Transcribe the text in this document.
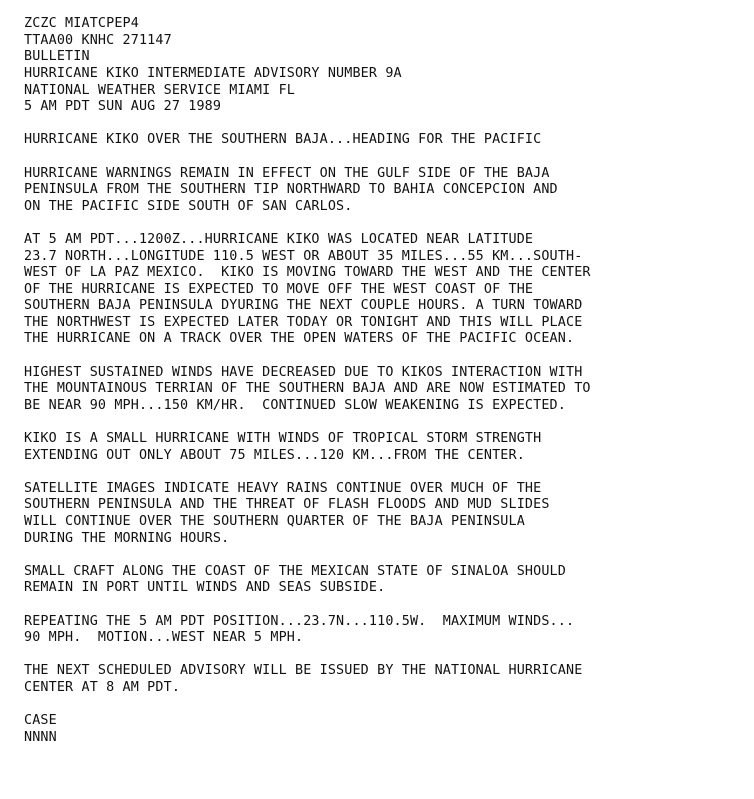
ZCZC MIATCPEP4
TTAA00 KNHC 271147
BULLETIN
HURRICANE KIKO INTERMEDIATE ADVISORY NUMBER 9A
NATIONAL WEATHER SERVICE MIAMI FL
5 AM PDT SUN AUG 27 1989
HURRICANE KIKO OVER THE SOUTHERN BAJA...HEADING FOR THE PACIFIC
HURRICANE WARNINGS REMAIN IN EFFECT ON THE GULF SIDE OF THE BAJA
PENINSULA FROM THE SOUTHERN TIP NORTHWARD TO BAHIA CONCEPCION AND
ON THE PACIFIC SIDE SOUTH OF SAN CARLOS.
AT 5 AM PDT...1200Z...HURRICANE KIKO WAS LOCATED NEAR LATITUDE
23.7 NORTH...LONGITUDE 110.5 WEST OR ABOUT 35 MILES...55 KM...SOUTH-
WEST OF LA PAZ MEXICO.  KIKO IS MOVING TOWARD THE WEST AND THE CENTER
OF THE HURRICANE IS EXPECTED TO MOVE OFF THE WEST COAST OF THE
SOUTHERN BAJA PENINSULA DYURING THE NEXT COUPLE HOURS. A TURN TOWARD
THE NORTHWEST IS EXPECTED LATER TODAY OR TONIGHT AND THIS WILL PLACE
THE HURRICANE ON A TRACK OVER THE OPEN WATERS OF THE PACIFIC OCEAN.
HIGHEST SUSTAINED WINDS HAVE DECREASED DUE TO KIKOS INTERACTION WITH
THE MOUNTAINOUS TERRIAN OF THE SOUTHERN BAJA AND ARE NOW ESTIMATED TO
BE NEAR 90 MPH...150 KM/HR.  CONTINUED SLOW WEAKENING IS EXPECTED.
KIKO IS A SMALL HURRICANE WITH WINDS OF TROPICAL STORM STRENGTH
EXTENDING OUT ONLY ABOUT 75 MILES...120 KM...FROM THE CENTER.
SATELLITE IMAGES INDICATE HEAVY RAINS CONTINUE OVER MUCH OF THE
SOUTHERN PENINSULA AND THE THREAT OF FLASH FLOODS AND MUD SLIDES
WILL CONTINUE OVER THE SOUTHERN QUARTER OF THE BAJA PENINSULA
DURING THE MORNING HOURS.
SMALL CRAFT ALONG THE COAST OF THE MEXICAN STATE OF SINALOA SHOULD
REMAIN IN PORT UNTIL WINDS AND SEAS SUBSIDE.
REPEATING THE 5 AM PDT POSITION...23.7N...110.5W.  MAXIMUM WINDS...
90 MPH.  MOTION...WEST NEAR 5 MPH.
THE NEXT SCHEDULED ADVISORY WILL BE ISSUED BY THE NATIONAL HURRICANE
CENTER AT 8 AM PDT.
CASE
NNNN
